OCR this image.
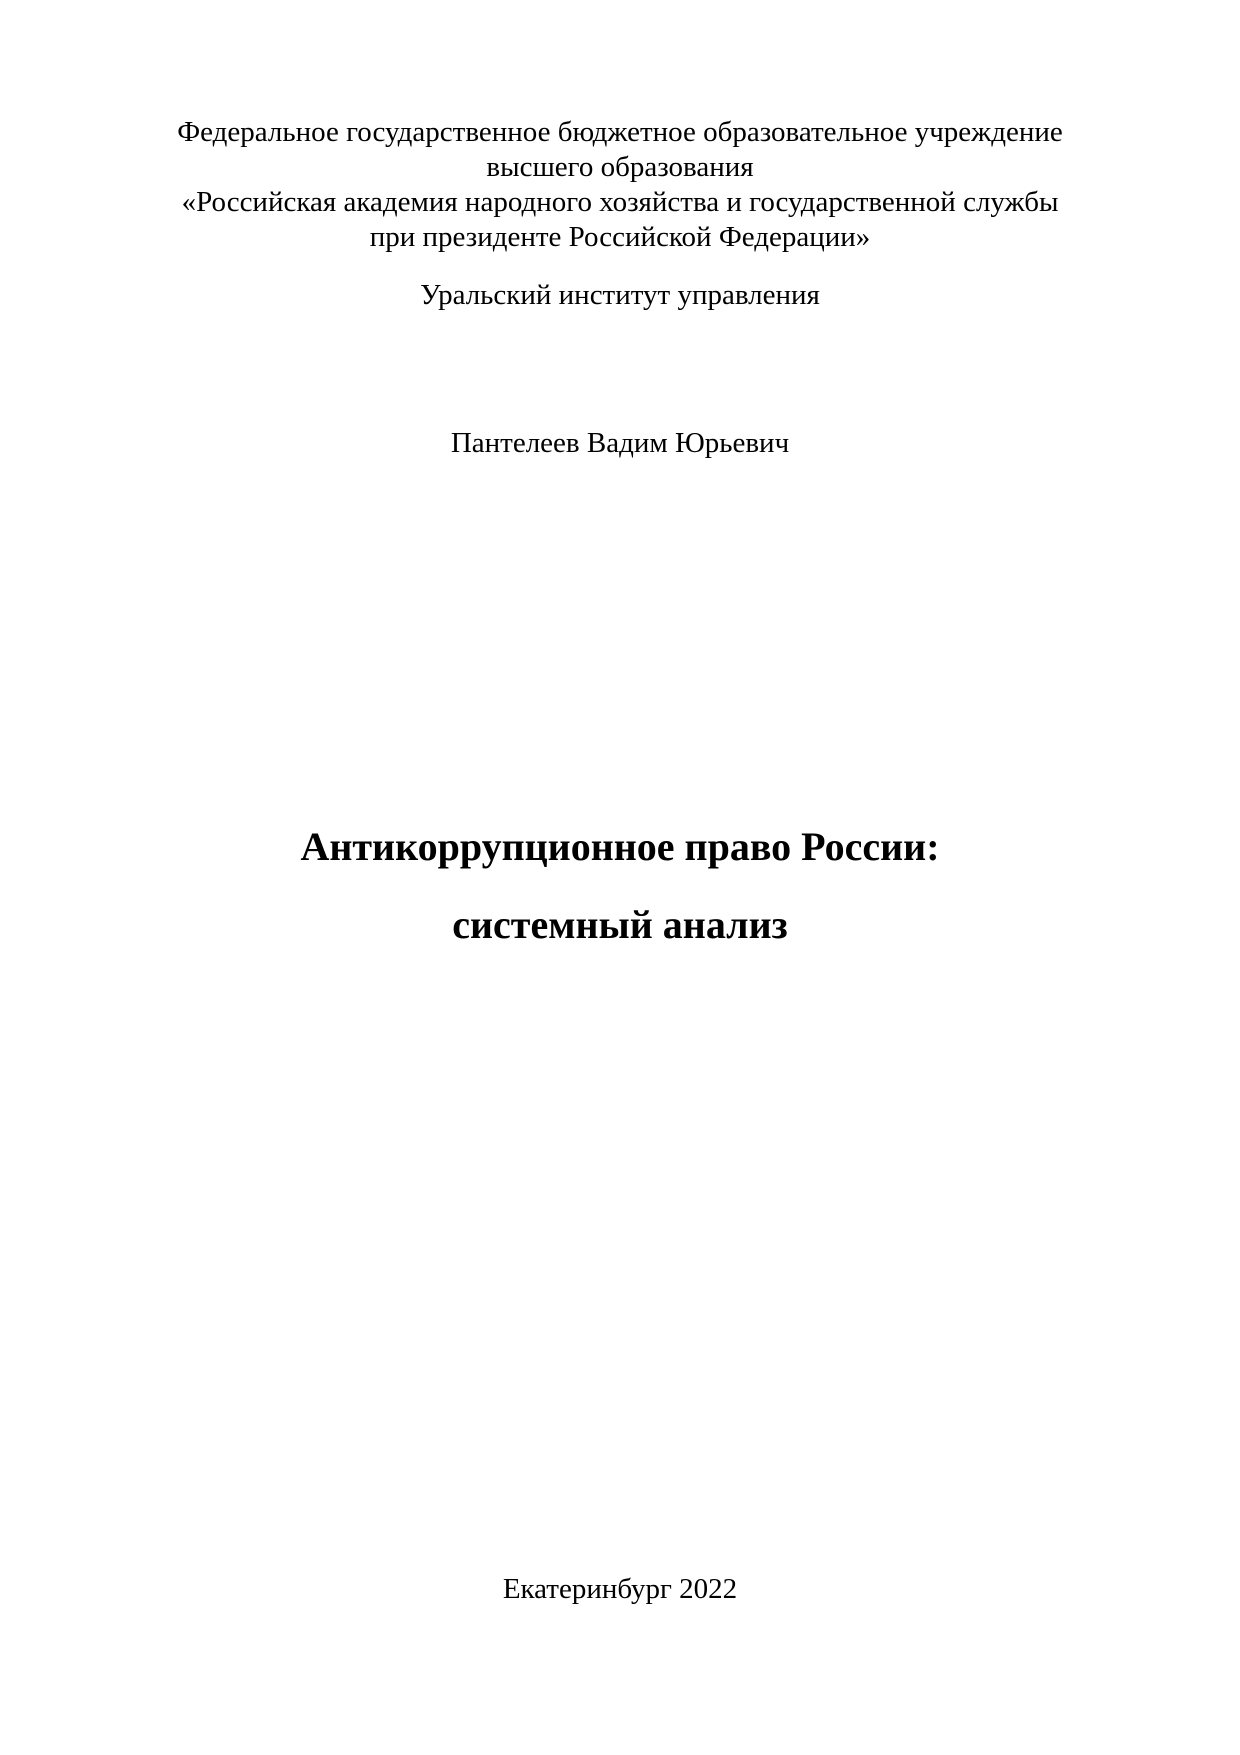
Федеральное государственное бюджетное образовательное учреждение
высшего образования
«Российская академия народного хозяйства и государственной службы
при президенте Российской Федерации»
Уральский институт управления
Пантелеев Вадим Юрьевич
Антикоррупционное право России:
системный анализ
Екатеринбург 2022
